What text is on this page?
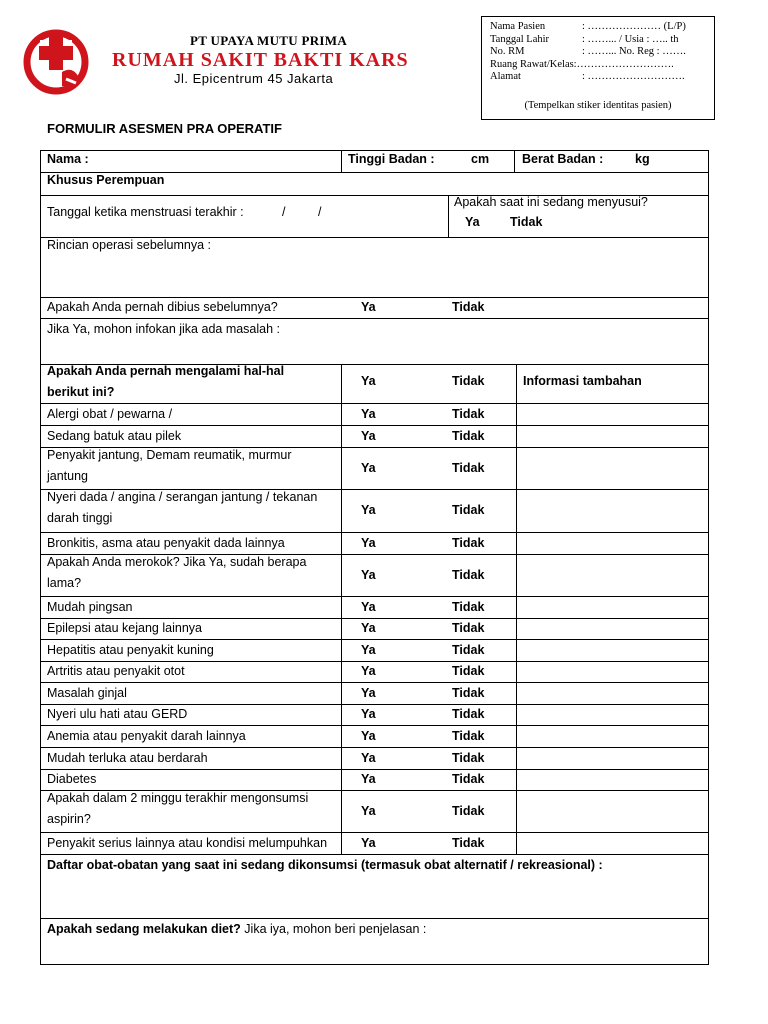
PT UPAYA MUTU PRIMA
RUMAH SAKIT BAKTI KARS
Jl. Epicentrum 45 Jakarta
Nama Pasien	: ………………… (L/P)
Tanggal Lahir	: ……... / Usia : ….. th
No. RM	: ……... No. Reg : …….
Ruang Rawat/Kelas: ……………………….
Alamat	: ……………………….
(Tempelkan stiker identitas pasien)
FORMULIR ASESMEN PRA OPERATIF
Nama :	Tinggi Badan :	cm	Berat Badan :	kg
Khusus Perempuan
Tanggal ketika menstruasi terakhir :	/	/
Apakah saat ini sedang menyusui?
Ya Tidak
Rincian operasi sebelumnya :
Apakah Anda pernah dibius sebelumnya?	Ya	Tidak
Jika Ya, mohon infokan jika ada masalah :
Apakah Anda pernah mengalami hal-hal
berikut ini?
Ya	Tidak	Informasi tambahan
Alergi obat / pewarna /	Ya	Tidak
Sedang batuk atau pilek	Ya	Tidak
Penyakit jantung, Demam reumatik, murmur
jantung
Ya	Tidak
Nyeri dada / angina / serangan jantung / tekanan
darah tinggi
Ya	Tidak
Bronkitis, asma atau penyakit dada lainnya	Ya	Tidak
Apakah Anda merokok? Jika Ya, sudah berapa
lama?
Ya	Tidak
Mudah pingsan	Ya	Tidak
Epilepsi atau kejang lainnya	Ya	Tidak
Hepatitis atau penyakit kuning	Ya	Tidak
Artritis atau penyakit otot	Ya	Tidak
Masalah ginjal	Ya	Tidak
Nyeri ulu hati atau GERD	Ya	Tidak
Anemia atau penyakit darah lainnya	Ya	Tidak
Mudah terluka atau berdarah	Ya	Tidak
Diabetes	Ya	Tidak
Apakah dalam 2 minggu terakhir mengonsumsi
aspirin?
Ya	Tidak
Penyakit serius lainnya atau kondisi melumpuhkan	Ya	Tidak
Daftar obat-obatan yang saat ini sedang dikonsumsi (termasuk obat alternatif / rekreasional) :
Apakah sedang melakukan diet? Jika iya, mohon beri penjelasan :
